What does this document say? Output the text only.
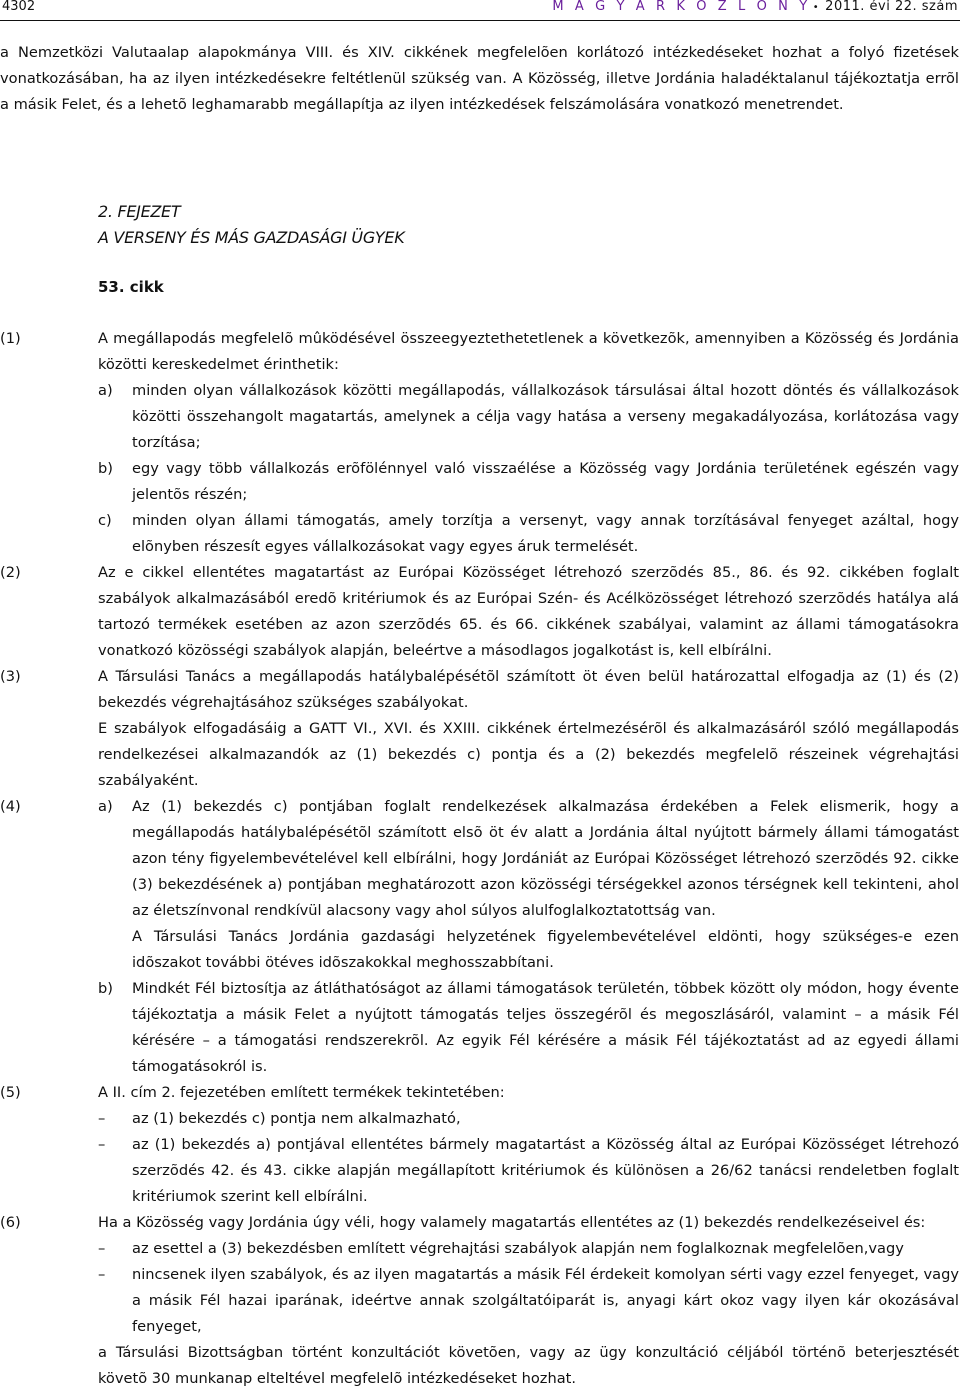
4302	M A G Y A R K Ö Z L Ö N Y • 2011. évi 22. szám

a Nemzetközi Valutaalap alapokmánya VIII. és XIV. cikkének megfelelõen korlátozó intézkedéseket hozhat a folyó fizetések vonatkozásában, ha az ilyen intézkedésekre feltétlenül szükség van. A Közösség, illetve Jordánia haladéktalanul tájékoztatja errõl a másik Felet, és a lehetõ leghamarabb megállapítja az ilyen intézkedések felszámolására vonatkozó menetrendet.

2. FEJEZET
A VERSENY ÉS MÁS GAZDASÁGI ÜGYEK
53. cikk
(1)	A megállapodás megfelelõ mûködésével összeegyeztethetetlenek a következõk, amennyiben a Közösség és Jordánia közötti kereskedelmet érinthetik:
a) minden olyan vállalkozások közötti megállapodás, vállalkozások társulásai által hozott döntés és vállalkozások közötti összehangolt magatartás, amelynek a célja vagy hatása a verseny megakadályozása, korlátozása vagy torzítása;
b) egy vagy több vállalkozás erõfölénnyel való visszaélése a Közösség vagy Jordánia területének egészén vagy jelentõs részén;
c) minden olyan állami támogatás, amely torzítja a versenyt, vagy annak torzításával fenyeget azáltal, hogy elõnyben részesít egyes vállalkozásokat vagy egyes áruk termelését.
(2)	Az e cikkel ellentétes magatartást az Európai Közösséget létrehozó szerzõdés 85., 86. és 92. cikkében foglalt szabályok alkalmazásából eredõ kritériumok és az Európai Szén- és Acélközösséget létrehozó szerzõdés hatálya alá tartozó termékek esetében az azon szerzõdés 65. és 66. cikkének szabályai, valamint az állami támogatásokra vonatkozó közösségi szabályok alapján, beleértve a másodlagos jogalkotást is, kell elbírálni.
(3)	A Társulási Tanács a megállapodás hatálybalépésétõl számított öt éven belül határozattal elfogadja az (1) és (2) bekezdés végrehajtásához szükséges szabályokat.
E szabályok elfogadásáig a GATT VI., XVI. és XXIII. cikkének értelmezésérõl és alkalmazásáról szóló megállapodás rendelkezései alkalmazandók az (1) bekezdés c) pontja és a (2) bekezdés megfelelõ részeinek végrehajtási szabályaként.
(4)	a) Az (1) bekezdés c) pontjában foglalt rendelkezések alkalmazása érdekében a Felek elismerik, hogy a megállapodás hatálybalépésétõl számított elsõ öt év alatt a Jordánia által nyújtott bármely állami támogatást azon tény figyelembevételével kell elbírálni, hogy Jordániát az Európai Közösséget létrehozó szerzõdés 92. cikke (3) bekezdésének a) pontjában meghatározott azon közösségi térségekkel azonos térségnek kell tekinteni, ahol az életszínvonal rendkívül alacsony vagy ahol súlyos alulfoglalkoztatottság van.
A Társulási Tanács Jordánia gazdasági helyzetének figyelembevételével eldönti, hogy szükséges-e ezen idõszakot további ötéves idõszakokkal meghosszabbítani.
b) Mindkét Fél biztosítja az átláthatóságot az állami támogatások területén, többek között oly módon, hogy évente tájékoztatja a másik Felet a nyújtott támogatás teljes összegérõl és megoszlásáról, valamint – a másik Fél kérésére – a támogatási rendszerekrõl. Az egyik Fél kérésére a másik Fél tájékoztatást ad az egyedi állami támogatásokról is.
(5)	A II. cím 2. fejezetében említett termékek tekintetében:
– az (1) bekezdés c) pontja nem alkalmazható,
– az (1) bekezdés a) pontjával ellentétes bármely magatartást a Közösség által az Európai Közösséget létrehozó szerzõdés 42. és 43. cikke alapján megállapított kritériumok és különösen a 26/62 tanácsi rendeletben foglalt kritériumok szerint kell elbírálni.
(6)	Ha a Közösség vagy Jordánia úgy véli, hogy valamely magatartás ellentétes az (1) bekezdés rendelkezéseivel és:
– az esettel a (3) bekezdésben említett végrehajtási szabályok alapján nem foglalkoznak megfelelõen,vagy
– nincsenek ilyen szabályok, és az ilyen magatartás a másik Fél érdekeit komolyan sérti vagy ezzel fenyeget, vagy a másik Fél hazai iparának, ideértve annak szolgáltatóiparát is, anyagi kárt okoz vagy ilyen kár okozásával fenyeget,
a Társulási Bizottságban történt konzultációt követõen, vagy az ügy konzultáció céljából történõ beterjesztését követõ 30 munkanap elteltével megfelelõ intézkedéseket hozhat.
